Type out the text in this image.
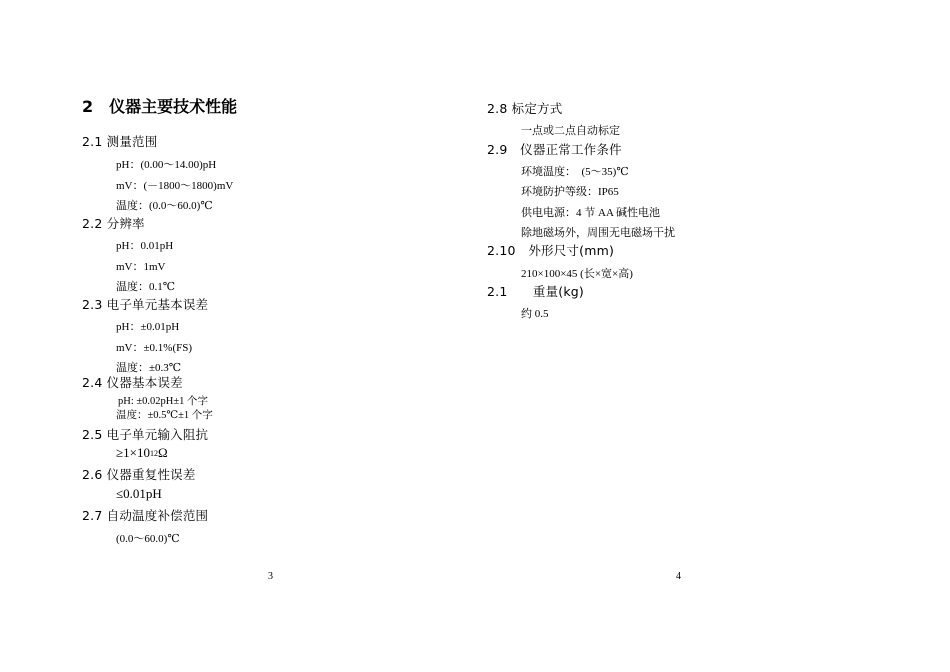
2　仪器主要技术性能
2.1 测量范围
pH：(0.00～14.00)pH
mV：(－1800～1800)mV
温度：(0.0～60.0)℃
2.2 分辨率
pH：0.01pH
mV：1mV
温度：0.1℃
2.3 电子单元基本误差
pH：±0.01pH
mV：±0.1%(FS)
温度：±0.3℃
2.4 仪器基本误差
pH: ±0.02pH±1 个字
温度：±0.5℃±1 个字
2.5 电子单元输入阻抗
$\ge 1\times 10^{12}\Omega$
2.6 仪器重复性误差
≤0.01pH
2.7 自动温度补偿范围
(0.0～60.0)℃
3
2.8 标定方式
一点或二点自动标定
2.9　仪器正常工作条件
环境温度：　(5～35)℃
环境防护等级：IP65
供电电源：4 节 AA 碱性电池
除地磁场外，周围无电磁场干扰
2.10　外形尺寸(mm)
210×100×45 (长×宽×高)
2.1　　重量(kg)
约 0.5
4
